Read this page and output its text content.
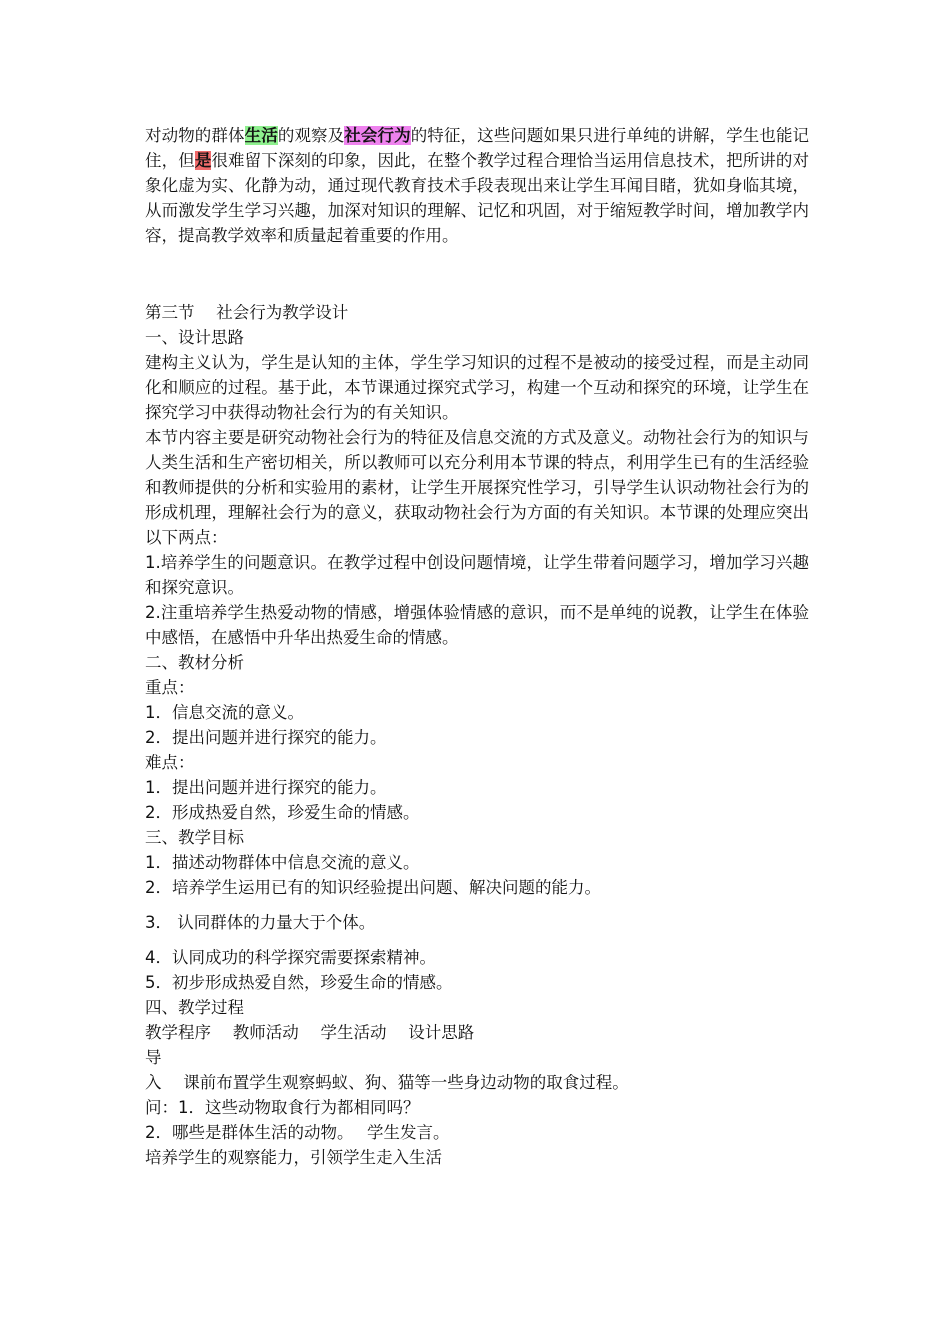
对动物的群体生活的观察及社会行为的特征，这些问题如果只进行单纯的讲解，学生也能记住，但是很难留下深刻的印象，因此，在整个教学过程合理恰当运用信息技术，把所讲的对象化虚为实、化静为动，通过现代教育技术手段表现出来让学生耳闻目睹，犹如身临其境，从而激发学生学习兴趣，加深对知识的理解、记忆和巩固，对于缩短教学时间，增加教学内容，提高教学效率和质量起着重要的作用。

第三节　 社会行为教学设计

一、设计思路

建构主义认为，学生是认知的主体，学生学习知识的过程不是被动的接受过程，而是主动同化和顺应的过程。基于此，本节课通过探究式学习，构建一个互动和探究的环境，让学生在探究学习中获得动物社会行为的有关知识。

本节内容主要是研究动物社会行为的特征及信息交流的方式及意义。动物社会行为的知识与人类生活和生产密切相关，所以教师可以充分利用本节课的特点，利用学生已有的生活经验和教师提供的分析和实验用的素材，让学生开展探究性学习，引导学生认识动物社会行为的形成机理，理解社会行为的意义，获取动物社会行为方面的有关知识。本节课的处理应突出以下两点：

1.培养学生的问题意识。在教学过程中创设问题情境，让学生带着问题学习，增加学习兴趣和探究意识。

2.注重培养学生热爱动物的情感，增强体验情感的意识，而不是单纯的说教，让学生在体验中感悟，在感悟中升华出热爱生命的情感。

二、教材分析

重点：

1．信息交流的意义。

2．提出问题并进行探究的能力。

难点：

1．提出问题并进行探究的能力。

2．形成热爱自然，珍爱生命的情感。

三、教学目标

1．描述动物群体中信息交流的意义。

2．培养学生运用已有的知识经验提出问题、解决问题的能力。

3． 认同群体的力量大于个体。

4．认同成功的科学探究需要探索精神。

5．初步形成热爱自然，珍爱生命的情感。

四、教学过程

教学程序　 教师活动　 学生活动　 设计思路

导

入　 课前布置学生观察蚂蚁、狗、猫等一些身边动物的取食过程。

问：1．这些动物取食行为都相同吗？

2．哪些是群体生活的动物。　 学生发言。

培养学生的观察能力，引领学生走入生活
